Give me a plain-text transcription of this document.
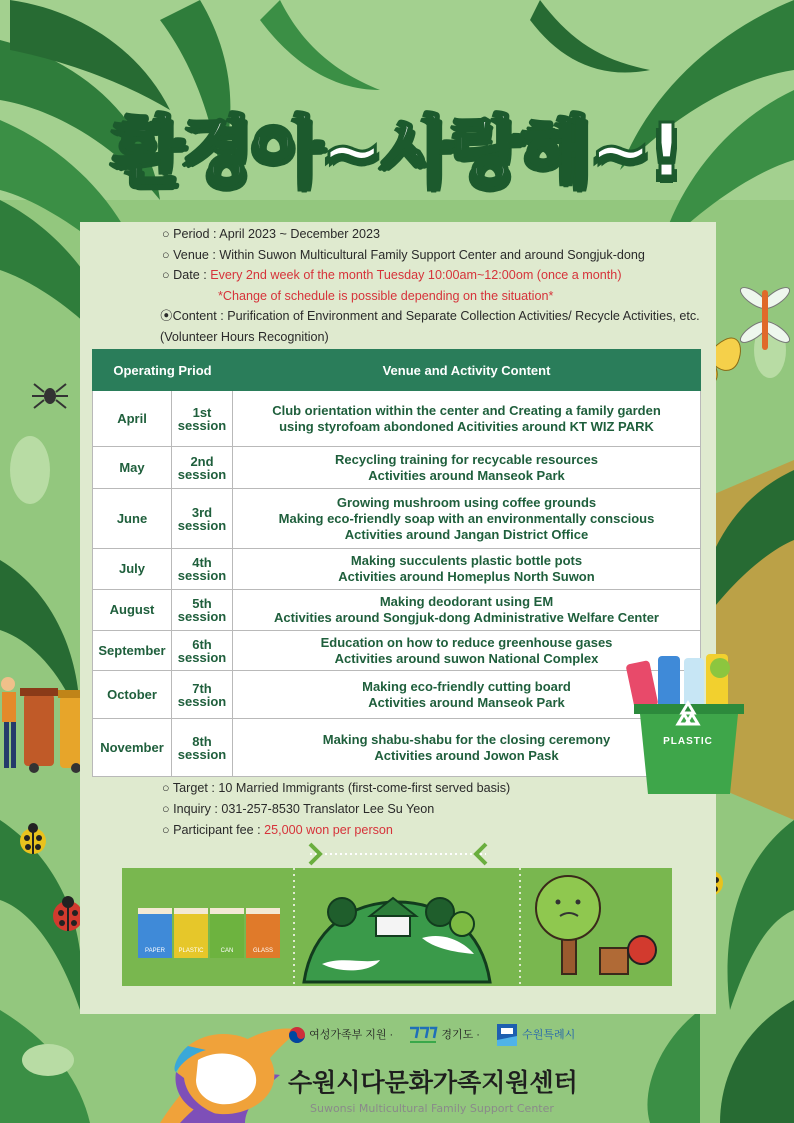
환경아~사랑해~!
○ Period : April 2023 ~ December 2023
○ Venue : Within Suwon Multicultural Family Support Center and around Songjuk-dong
○ Date : Every 2nd week of the month Tuesday 10:00am~12:00om (once a month)
*Change of schedule is possible depending on the situation*
⦿Content : Purification of Environment and Separate Collection Activities/ Recycle Activities, etc. (Volunteer Hours Recognition)
Operating Priod		Venue and Activity Content
April	1st session	Club orientation within the center and Creating a family garden
using styrofoam abondoned Acitivities around KT WIZ PARK
May	2nd session	Recycling training for recycable resources
Activities around Manseok Park
June	3rd session	Growing mushroom using coffee grounds
Making eco-friendly soap with an environmentally conscious
Activities around Jangan District Office
July	4th session	Making succulents plastic bottle pots
Activities around Homeplus North Suwon
August	5th session	Making deodorant using EM
Activities around Songjuk-dong Administrative Welfare Center
September	6th session	Education on how to reduce greenhouse gases
Activities around suwon National Complex
October	7th session	Making eco-friendly cutting board
Activities around Manseok Park
November	8th session	Making shabu-shabu for the closing ceremony
Activities around Jowon Pask
○ Target : 10 Married Immigrants (first-come-first served basis)
○ Inquiry : 031-257-8530 Translator Lee Su Yeon
○ Participant fee : 25,000 won per person
PAPER PLASTIC	CAN	GLASS
PLASTIC
여성가족부 지원 ·	경기도 ·	수원특례시
수원시다문화가족지원센터
Suwonsi Multicultural Family Support Center
